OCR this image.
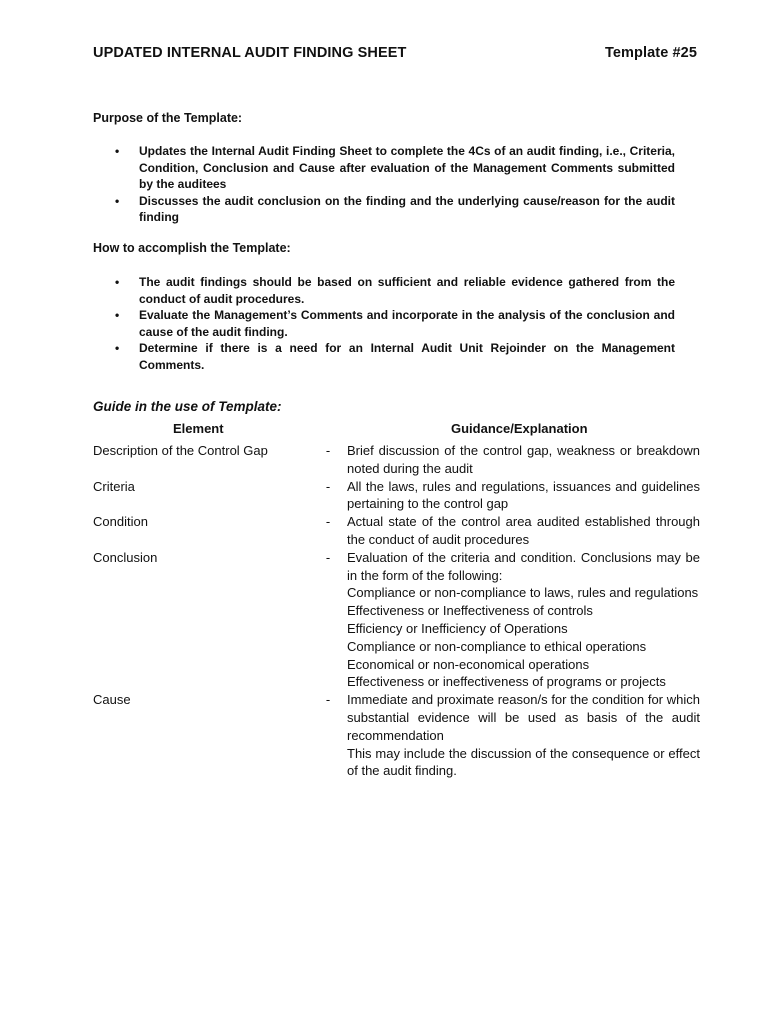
UPDATED INTERNAL AUDIT FINDING SHEET	Template #25
Purpose of the Template:
• Updates the Internal Audit Finding Sheet to complete the 4Cs of an audit finding, i.e., Criteria, Condition, Conclusion and Cause after evaluation of the Management Comments submitted by the auditees
• Discusses the audit conclusion on the finding and the underlying cause/reason for the audit finding
How to accomplish the Template:
• The audit findings should be based on sufficient and reliable evidence gathered from the conduct of audit procedures.
• Evaluate the Management’s Comments and incorporate in the analysis of the conclusion and cause of the audit finding.
• Determine if there is a need for an Internal Audit Unit Rejoinder on the Management Comments.
Guide in the use of Template:
Element	Guidance/Explanation
Description of the Control Gap	- Brief discussion of the control gap, weakness or breakdown noted during the audit

Criteria	- All the laws, rules and regulations, issuances and guidelines pertaining to the control gap

Condition	- Actual state of the control area audited established through the conduct of audit procedures

Conclusion	- Evaluation of the criteria and condition. Conclusions may be in the form of the following:

Compliance or non-compliance to laws, rules and regulations

Effectiveness or Ineffectiveness of controls

Efficiency or Inefficiency of Operations

Compliance or non-compliance to ethical operations

Economical or non-economical operations

Effectiveness or ineffectiveness of programs or projects

Cause	- Immediate and proximate reason/s for the condition for which substantial evidence will be used as basis of the audit recommendation

This may include the discussion of the consequence or effect of the audit finding.
